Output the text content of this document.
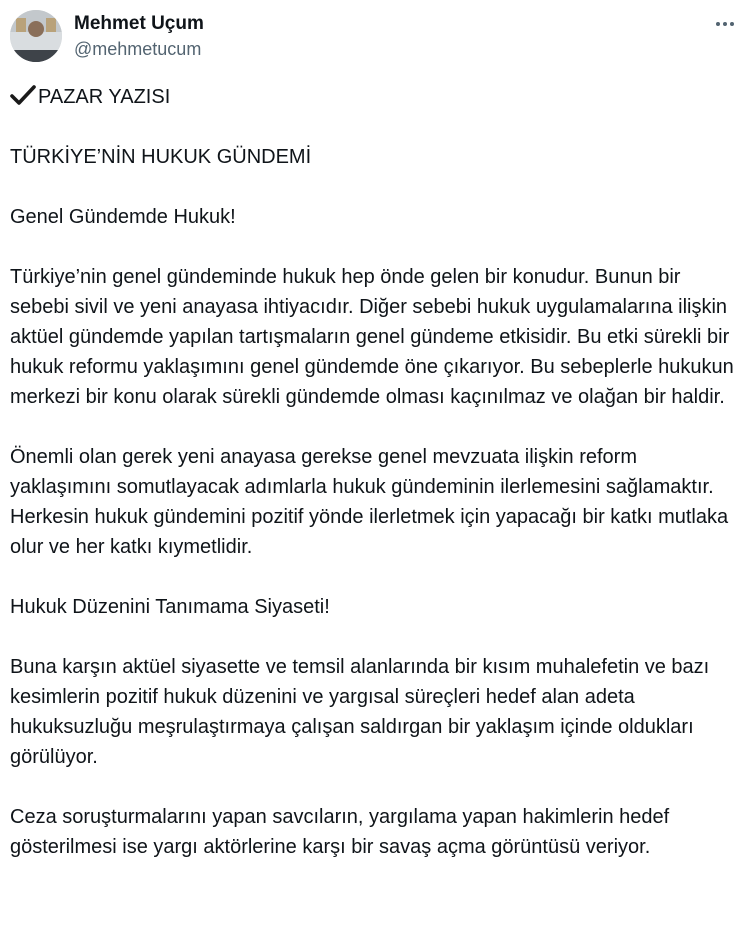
Mehmet Uçum
@mehmetucum

PAZAR YAZISI

TÜRKİYE’NİN HUKUK GÜNDEMİ

Genel Gündemde Hukuk!

Türkiye’nin genel gündeminde hukuk hep önde gelen bir konudur. Bunun bir sebebi sivil ve yeni anayasa ihtiyacıdır. Diğer sebebi hukuk uygulamalarına ilişkin aktüel gündemde yapılan tartışmaların genel gündeme etkisidir. Bu etki sürekli bir hukuk reformu yaklaşımını genel gündemde öne çıkarıyor. Bu sebeplerle hukukun merkezi bir konu olarak sürekli gündemde olması kaçınılmaz ve olağan bir haldir.

Önemli olan gerek yeni anayasa gerekse genel mevzuata ilişkin reform yaklaşımını somutlayacak adımlarla hukuk gündeminin ilerlemesini sağlamaktır. Herkesin hukuk gündemini pozitif yönde ilerletmek için yapacağı bir katkı mutlaka olur ve her katkı kıymetlidir.

Hukuk Düzenini Tanımama Siyaseti!

Buna karşın aktüel siyasette ve temsil alanlarında bir kısım muhalefetin ve bazı kesimlerin pozitif hukuk düzenini ve yargısal süreçleri hedef alan adeta hukuksuzluğu meşrulaştırmaya çalışan saldırgan bir yaklaşım içinde oldukları görülüyor.

Ceza soruşturmalarını yapan savcıların, yargılama yapan hakimlerin hedef gösterilmesi ise yargı aktörlerine karşı bir savaş açma görüntüsü veriyor.
